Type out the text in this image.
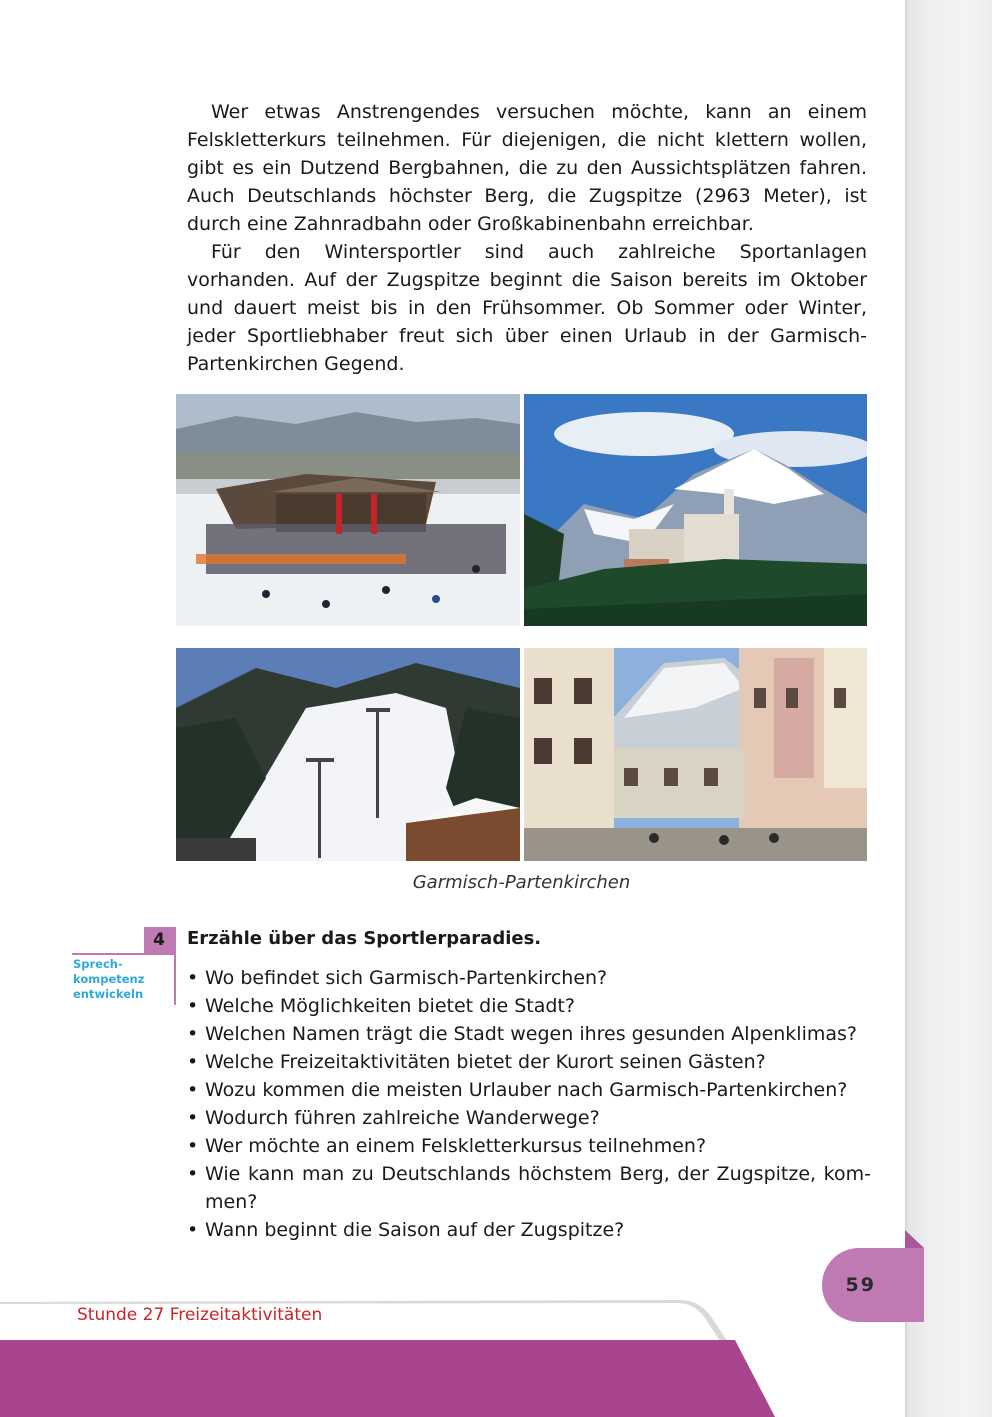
Wer etwas Anstrengendes versuchen möchte, kann an einem Felskletterkurs teilnehmen. Für diejenigen, die nicht klettern wollen, gibt es ein Dutzend Bergbahnen, die zu den Aussichtsplätzen fahren. Auch Deutschlands höchster Berg, die Zugspitze (2963 Meter), ist durch eine Zahnradbahn oder Großkabinenbahn erreichbar.

Für den Wintersportler sind auch zahlreiche Sportanlagen vorhanden. Auf der Zugspitze beginnt die Saison bereits im Oktober und dauert meist bis in den Frühsommer. Ob Sommer oder Winter, jeder Sportliebhaber freut sich über einen Urlaub in der Garmisch-Partenkirchen Gegend.

Garmisch-Partenkirchen
4
Sprech-
kompetenz
entwickeln
Erzähle über das Sportlerparadies.
• Wo befindet sich Garmisch-Partenkirchen?
• Welche Möglichkeiten bietet die Stadt?
• Welchen Namen trägt die Stadt wegen ihres gesunden Alpenklimas?
• Welche Freizeitaktivitäten bietet der Kurort seinen Gästen?
• Wozu kommen die meisten Urlauber nach Garmisch-Partenkirchen?
• Wodurch führen zahlreiche Wanderwege?
• Wer möchte an einem Felskletterkursus teilnehmen?
• Wie kann man zu Deutschlands höchstem Berg, der Zugspitze, kommen?
• Wann beginnt die Saison auf der Zugspitze?
59
Stunde 27 Freizeitaktivitäten
